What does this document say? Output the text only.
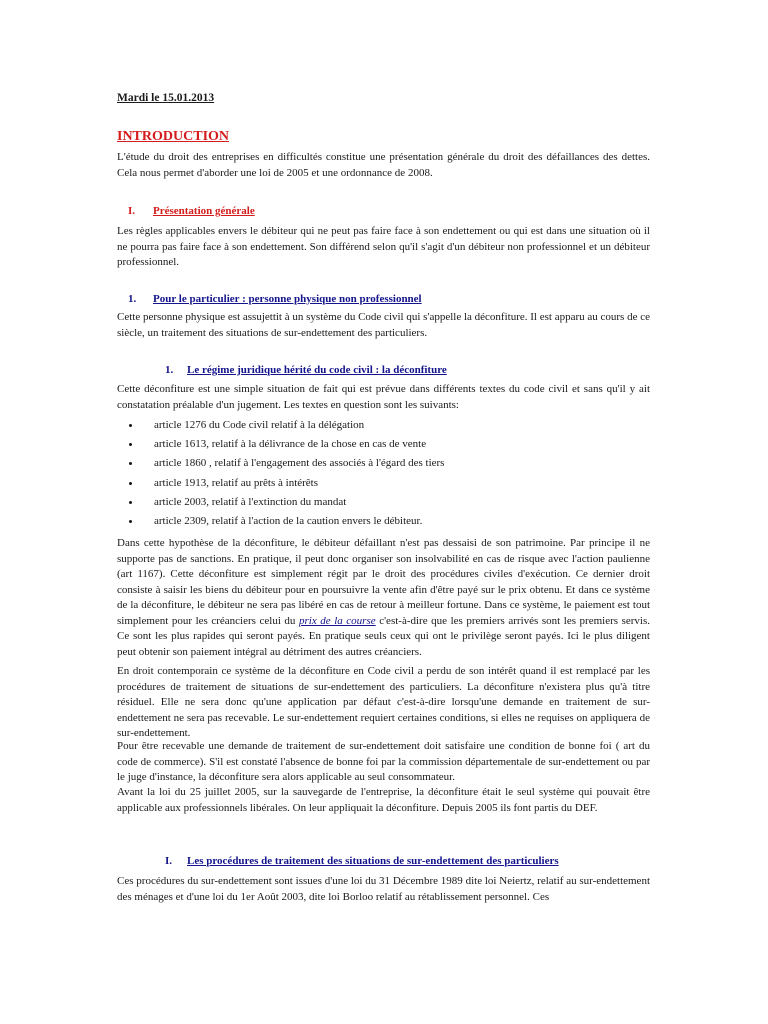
Mardi le 15.01.2013

INTRODUCTION

L'étude du droit des entreprises en difficultés constitue une présentation générale du droit des défaillances des dettes. Cela nous permet d'aborder une loi de 2005 et une ordonnance de 2008.

I. Présentation générale

Les règles applicables envers le débiteur qui ne peut pas faire face à son endettement ou qui est dans une situation où il ne pourra pas faire face à son endettement. Son différend selon qu'il s'agit d'un débiteur non professionnel et un débiteur professionnel.

1. Pour le particulier : personne physique non professionnel

Cette personne physique est assujettit à un système du Code civil qui s'appelle la déconfiture. Il est apparu au cours de ce siècle, un traitement des situations de sur-endettement des particuliers.

1. Le régime juridique hérité du code civil : la déconfiture

Cette déconfiture est une simple situation de fait qui est prévue dans différents textes du code civil et sans qu'il y ait constatation préalable d'un jugement. Les textes en question sont les suivants:

article 1276 du Code civil relatif à la délégation
article 1613, relatif à la délivrance de la chose en cas de vente
article 1860 , relatif à l'engagement des associés à l'égard des tiers
article 1913, relatif au prêts à intérêts
article 2003, relatif à l'extinction du mandat
article 2309, relatif à l'action de la caution envers le débiteur.

Dans cette hypothèse de la déconfiture, le débiteur défaillant n'est pas dessaisi de son patrimoine. Par principe il ne supporte pas de sanctions. En pratique, il peut donc organiser son insolvabilité en cas de risque avec l'action paulienne (art 1167). Cette déconfiture est simplement régit par le droit des procédures civiles d'exécution. Ce dernier droit consiste à saisir les biens du débiteur pour en poursuivre la vente afin d'être payé sur le prix obtenu. Et dans ce système de la déconfiture, le débiteur ne sera pas libéré en cas de retour à meilleur fortune. Dans ce système, le paiement est tout simplement pour les créanciers celui du prix de la course c'est-à-dire que les premiers arrivés sont les premiers servis. Ce sont les plus rapides qui seront payés. En pratique seuls ceux qui ont le privilège seront payés. Ici le plus diligent peut obtenir son paiement intégral au détriment des autres créanciers.

En droit contemporain ce système de la déconfiture en Code civil a perdu de son intérêt quand il est remplacé par les procédures de traitement de situations de sur-endettement des particuliers. La déconfiture n'existera plus qu'à titre résiduel. Elle ne sera donc qu'une application par défaut c'est-à-dire lorsqu'une demande en traitement de sur-endettement ne sera pas recevable. Le sur-endettement requiert certaines conditions, si elles ne requises on appliquera de sur-endettement.

Pour être recevable une demande de traitement de sur-endettement doit satisfaire une condition de bonne foi ( art du code de commerce). S'il est constaté l'absence de bonne foi par la commission départementale de sur-endettement ou par le juge d'instance, la déconfiture sera alors applicable au seul consommateur.

Avant la loi du 25 juillet 2005, sur la sauvegarde de l'entreprise, la déconfiture était le seul système qui pouvait être applicable aux professionnels libérales. On leur appliquait la déconfiture. Depuis 2005 ils font partis du DEF.

I. Les procédures de traitement des situations de sur-endettement des particuliers

Ces procédures du sur-endettement sont issues d'une loi du 31 Décembre 1989 dite loi Neiertz, relatif au sur-endettement des ménages et d'une loi du 1er Août 2003, dite loi Borloo relatif au rétablissement personnel. Ces
